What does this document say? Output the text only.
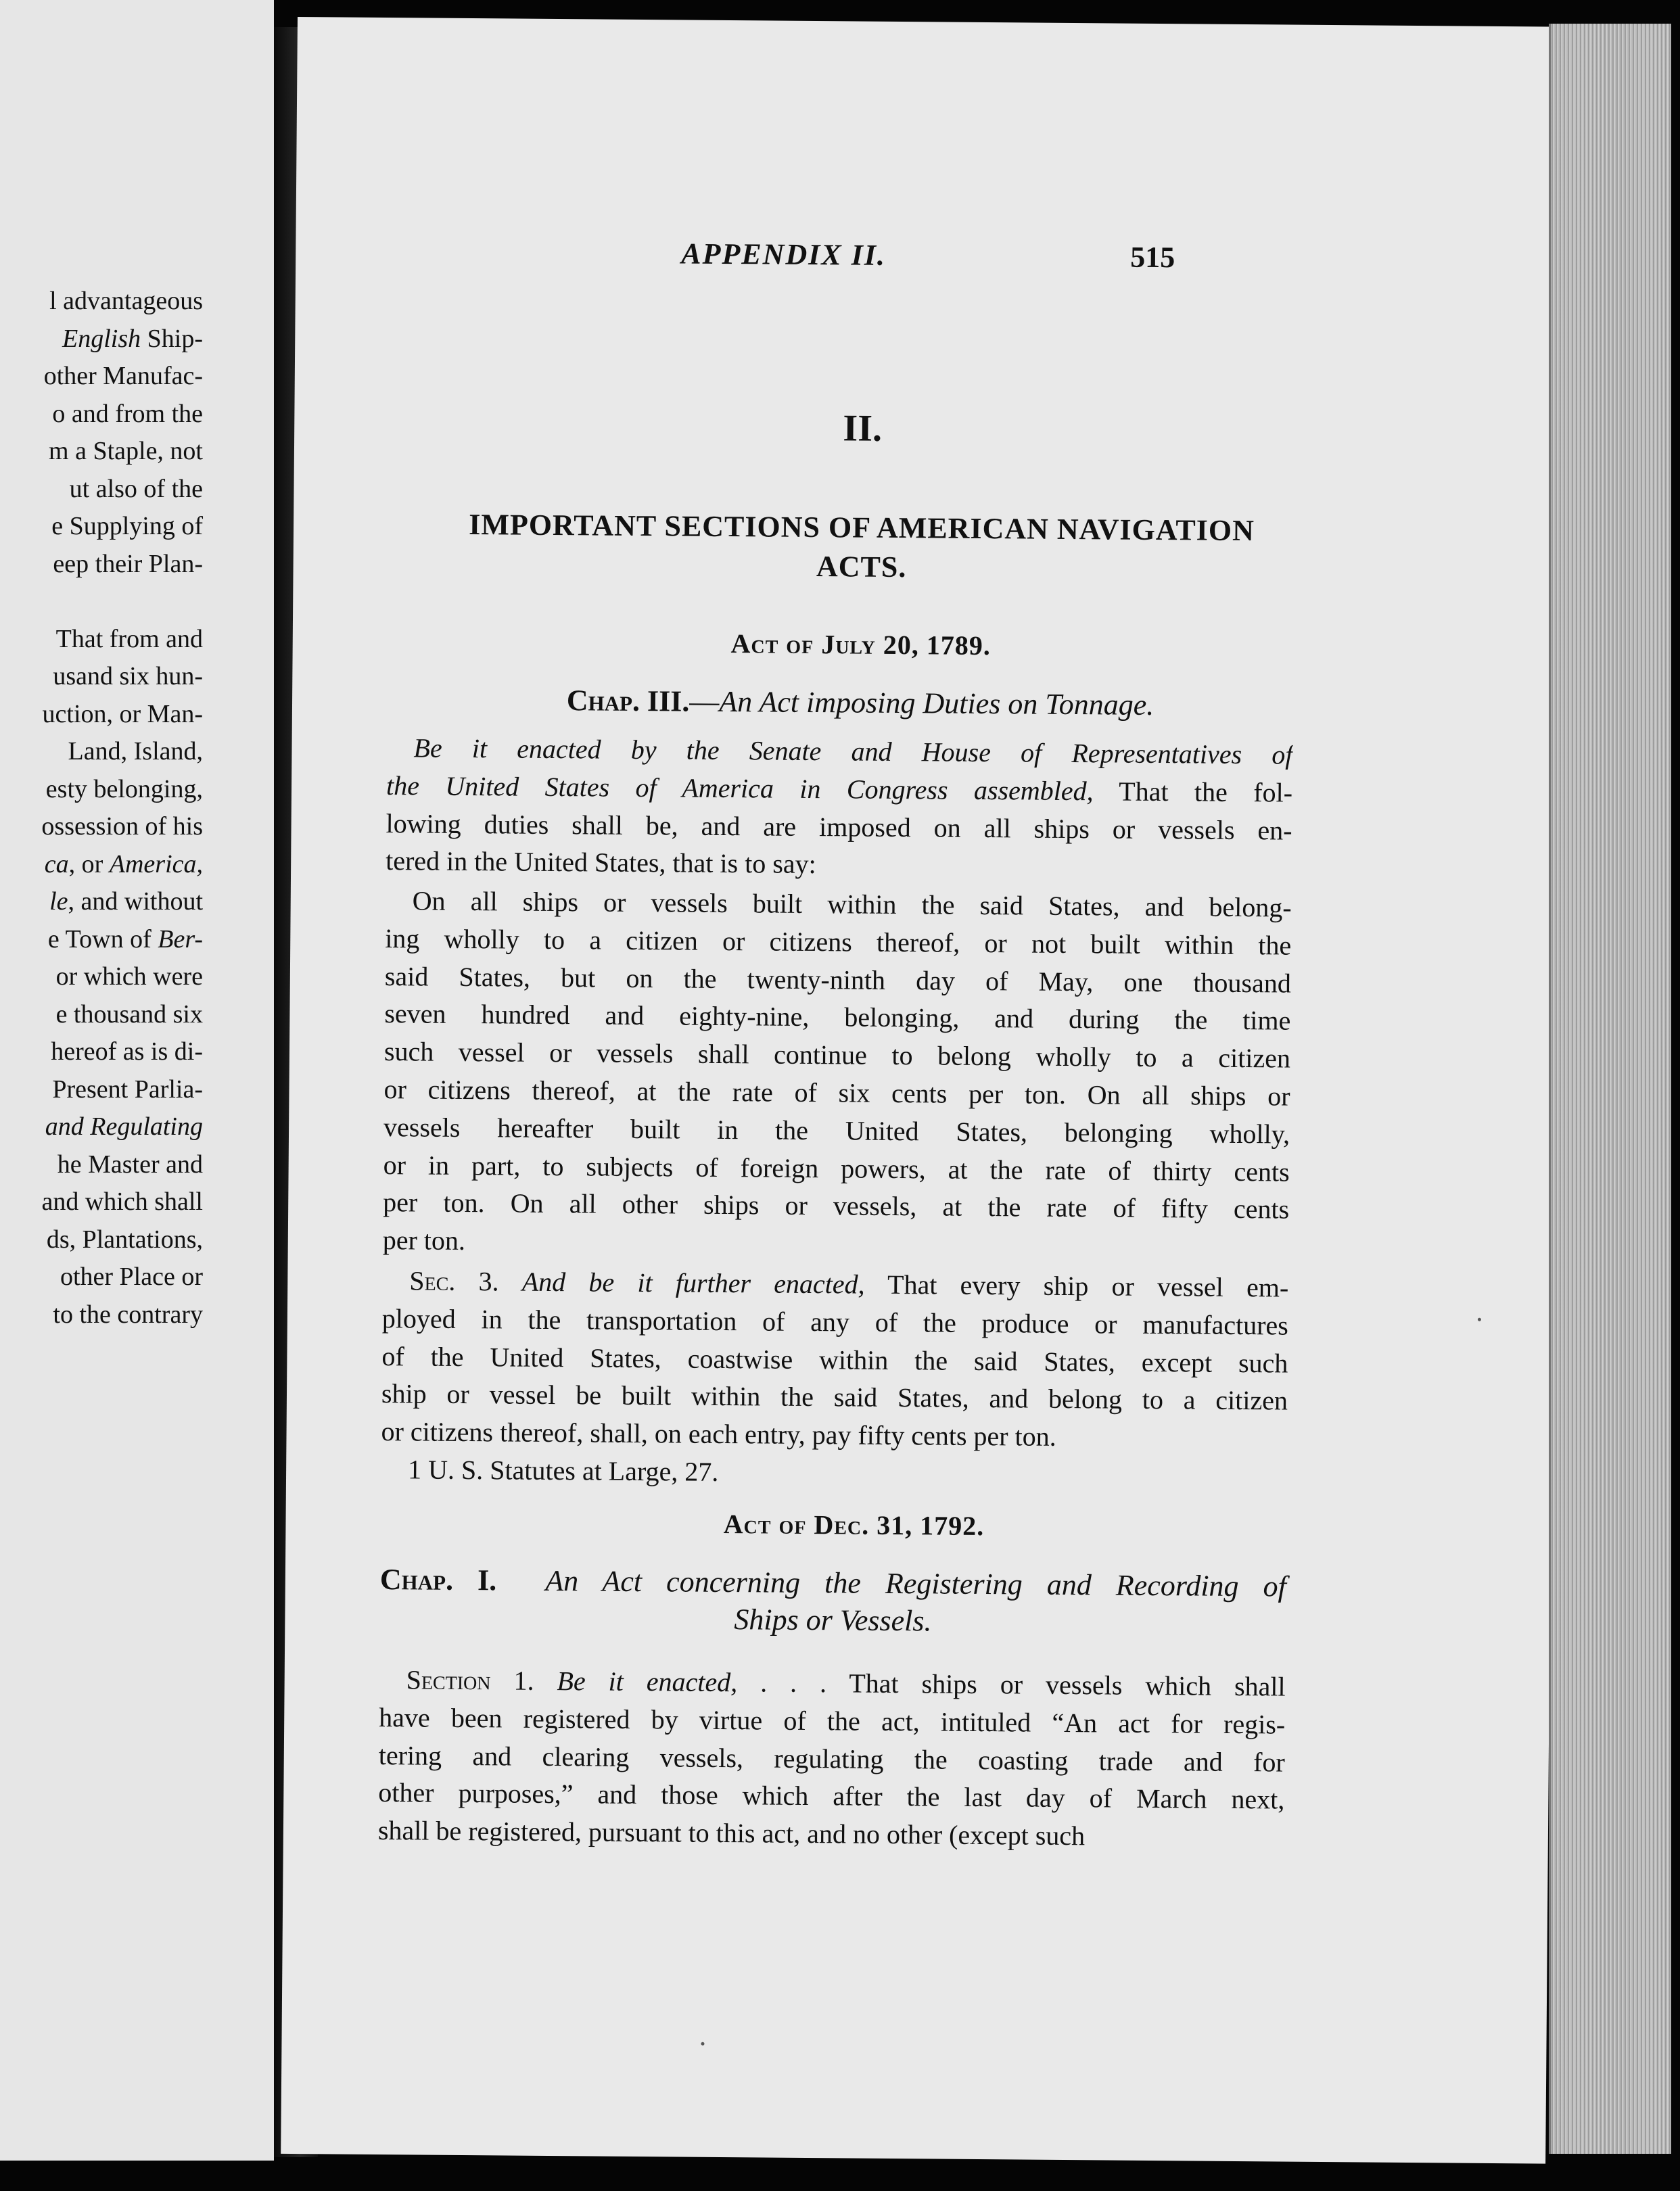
l advantageous
English Ship-
other Manufac-
o and from the
m a Staple, not
ut also of the
e Supplying of
eep their Plan-
That from and
usand six hun-
uction, or Man-
Land, Island,
esty belonging,
ossession of his
ca, or America,
le, and without
e Town of Ber-
or which were
e thousand six
hereof as is di-
Present Parlia-
and Regulating
he Master and
and which shall
ds, Plantations,
other Place or
to the contrary
APPENDIX II.	515
II.
IMPORTANT SECTIONS OF AMERICAN NAVIGATION
ACTS.
Act of July 20, 1789.
Chap. III.—An Act imposing Duties on Tonnage.
Be it enacted by the Senate and House of Representatives of
the United States of America in Congress assembled, That the fol-
lowing duties shall be, and are imposed on all ships or vessels en-
tered in the United States, that is to say:
On all ships or vessels built within the said States, and belong-
ing wholly to a citizen or citizens thereof, or not built within the
said States, but on the twenty-ninth day of May, one thousand
seven hundred and eighty-nine, belonging, and during the time
such vessel or vessels shall continue to belong wholly to a citizen
or citizens thereof, at the rate of six cents per ton. On all ships or
vessels hereafter built in the United States, belonging wholly,
or in part, to subjects of foreign powers, at the rate of thirty cents
per ton. On all other ships or vessels, at the rate of fifty cents
per ton.
Sec. 3. And be it further enacted, That every ship or vessel em-
ployed in the transportation of any of the produce or manufactures
of the United States, coastwise within the said States, except such
ship or vessel be built within the said States, and belong to a citizen
or citizens thereof, shall, on each entry, pay fifty cents per ton.
1 U. S. Statutes at Large, 27.
Act of Dec. 31, 1792.
Chap. I. An Act concerning the Registering and Recording of
Ships or Vessels.
Section 1. Be it enacted, . . . That ships or vessels which shall
have been registered by virtue of the act, intituled “An act for regis-
tering and clearing vessels, regulating the coasting trade and for
other purposes,” and those which after the last day of March next,
shall be registered, pursuant to this act, and no other (except such
